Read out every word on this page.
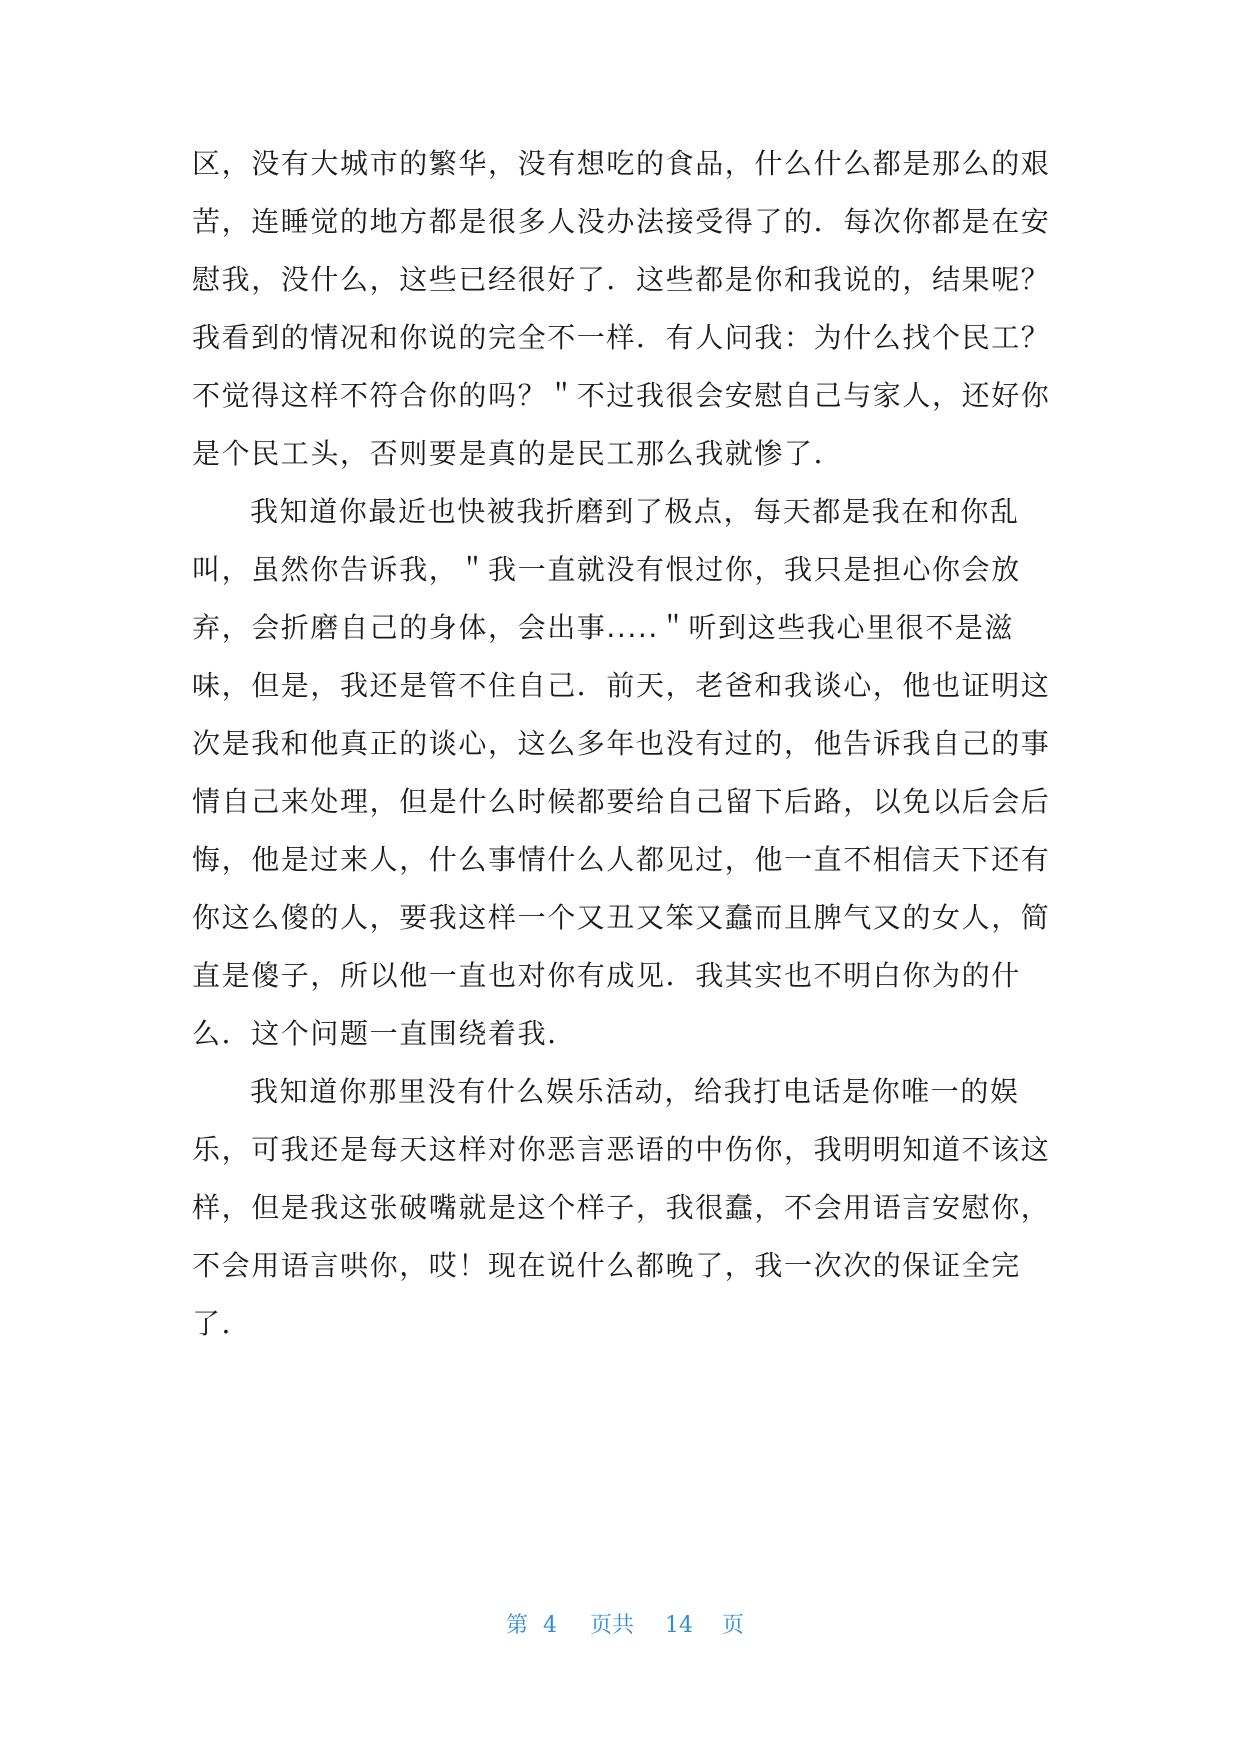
区，没有大城市的繁华，没有想吃的食品，什么什么都是那么的艰
苦，连睡觉的地方都是很多人没办法接受得了的．每次你都是在安
慰我，没什么，这些已经很好了．这些都是你和我说的，结果呢？
我看到的情况和你说的完全不一样．有人问我：为什么找个民工？
不觉得这样不符合你的吗？＂不过我很会安慰自己与家人，还好你
是个民工头，否则要是真的是民工那么我就惨了．
我知道你最近也快被我折磨到了极点，每天都是我在和你乱
叫，虽然你告诉我，＂我一直就没有恨过你，我只是担心你会放
弃，会折磨自己的身体，会出事.....＂听到这些我心里很不是滋
味，但是，我还是管不住自己．前天，老爸和我谈心，他也证明这
次是我和他真正的谈心，这么多年也没有过的，他告诉我自己的事
情自己来处理，但是什么时候都要给自己留下后路，以免以后会后
悔，他是过来人，什么事情什么人都见过，他一直不相信天下还有
你这么傻的人，要我这样一个又丑又笨又蠢而且脾气又的女人，简
直是傻子，所以他一直也对你有成见．我其实也不明白你为的什
么．这个问题一直围绕着我．
我知道你那里没有什么娱乐活动，给我打电话是你唯一的娱
乐，可我还是每天这样对你恶言恶语的中伤你，我明明知道不该这
样，但是我这张破嘴就是这个样子，我很蠢，不会用语言安慰你，
不会用语言哄你，哎！现在说什么都晚了，我一次次的保证全完
了．
第 4 页共 14 页
